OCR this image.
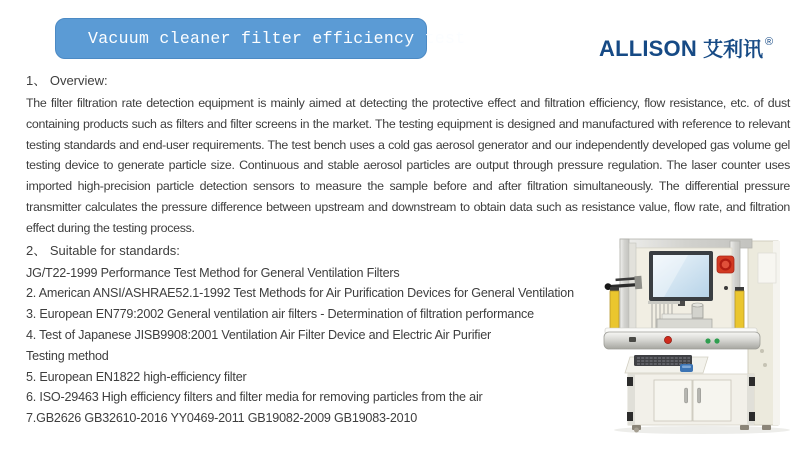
Vacuum cleaner filter efficiency test	ALLISON 艾利讯 ®
1、 Overview:

The filter filtration rate detection equipment is mainly aimed at detecting the protective effect and filtration efficiency, flow resistance, etc. of dust containing products such as filters and filter screens in the market. The testing equipment is designed and manufactured with reference to relevant testing standards and end-user requirements. The test bench uses a cold gas aerosol generator and our independently developed gas volume gel testing device to generate particle size. Continuous and stable aerosol particles are output through pressure regulation. The laser counter uses imported high-precision particle detection sensors to measure the sample before and after filtration simultaneously. The differential pressure transmitter calculates the pressure difference between upstream and downstream to obtain data such as resistance value, flow rate, and filtration effect during the testing process.

2、 Suitable for standards:
JG/T22-1999 Performance Test Method for General Ventilation Filters
2. American ANSI/ASHRAE52.1-1992 Test Methods for Air Purification Devices for General Ventilation
3. European EN779:2002 General ventilation air filters - Determination of filtration performance
4. Test of Japanese JISB9908:2001 Ventilation Air Filter Device and Electric Air Purifier
Testing method
5. European EN1822 high-efficiency filter
6. ISO-29463 High efficiency filters and filter media for removing particles from the air
7.GB2626 GB32610-2016 YY0469-2011 GB19082-2009 GB19083-2010
